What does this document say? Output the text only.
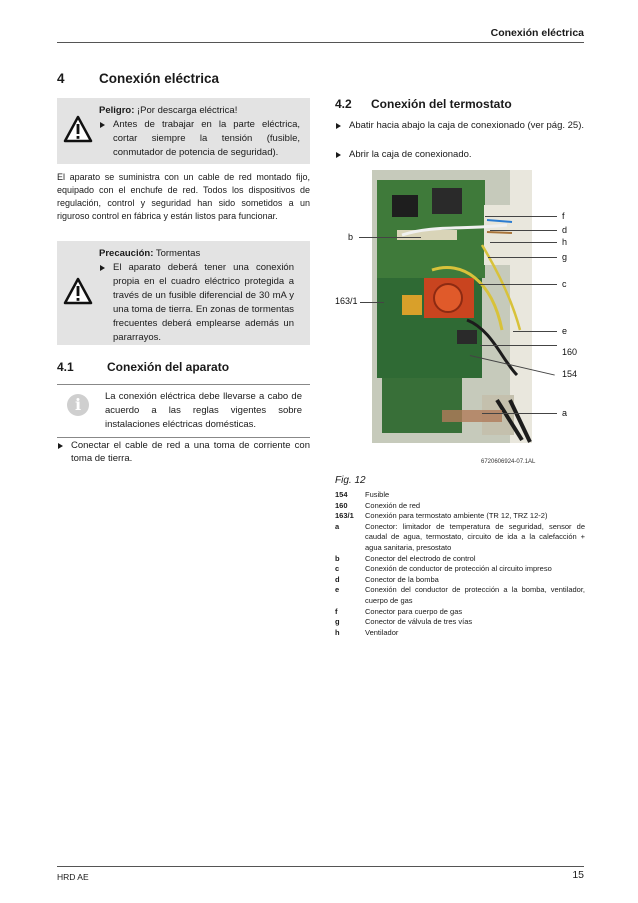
Conexión eléctrica
4	Conexión eléctrica
Peligro: ¡Por descarga eléctrica!
Antes de trabajar en la parte eléctrica, cortar siempre la tensión (fusible, conmutador de potencia de seguridad).
El aparato se suministra con un cable de red montado fijo, equipado con el enchufe de red. Todos los dispositivos de regulación, control y seguridad han sido sometidos a un riguroso control en fábrica y están listos para funcionar.
Precaución: Tormentas
El aparato deberá tener una conexión propia en el cuadro eléctrico protegida a través de un fusible diferencial de 30 mA y una toma de tierra. En zonas de tormentas frecuentes deberá emplearse además un pararrayos.
4.1	Conexión del aparato
i	La conexión eléctrica debe llevarse a cabo de acuerdo a las reglas vigentes sobre instalaciones eléctricas domésticas.
Conectar el cable de red a una toma de corriente con toma de tierra.
4.2 Conexión del termostato
Abatir hacia abajo la caja de conexionado (ver pág. 25).
Abrir la caja de conexionado.
b
163/1
f
d
h
g
c
e
160
154
a
6720606924-07.1AL
Fig. 12
154	Fusible
160	Conexión de red
163/1	Conexión para termostato ambiente (TR 12, TRZ 12-2)
a	Conector: limitador de temperatura de seguridad, sensor de caudal de agua, termostato, circuito de ida a la calefacción + agua sanitaria, presostato
b	Conector del electrodo de control
c	Conexión de conductor de protección al circuito impreso
d	Conector de la bomba
e	Conexión del conductor de protección a la bomba, ventilador, cuerpo de gas
f	Conector para cuerpo de gas
g	Conector de válvula de tres vías
h	Ventilador
HRD AE	15
